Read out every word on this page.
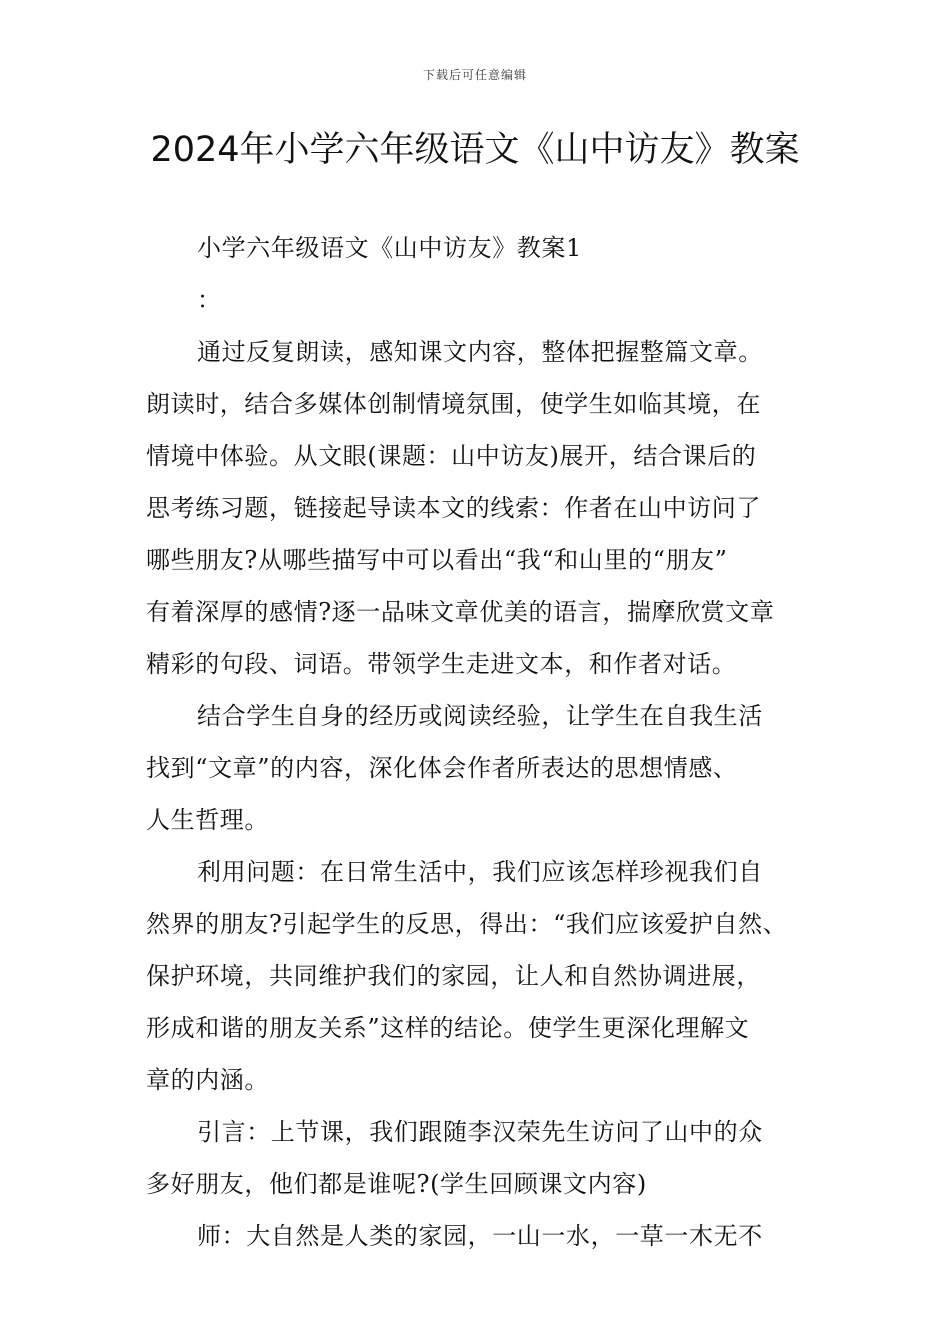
下载后可任意编辑
2024年小学六年级语文《山中访友》教案
小学六年级语文《山中访友》教案1
：
通过反复朗读，感知课文内容，整体把握整篇文章。
朗读时，结合多媒体创制情境氛围，使学生如临其境，在
情境中体验。从文眼(课题：山中访友)展开，结合课后的
思考练习题，链接起导读本文的线索：作者在山中访问了
哪些朋友?从哪些描写中可以看出“我“和山里的“朋友”
有着深厚的感情?逐一品味文章优美的语言，揣摩欣赏文章
精彩的句段、词语。带领学生走进文本，和作者对话。
结合学生自身的经历或阅读经验，让学生在自我生活
找到“文章”的内容，深化体会作者所表达的思想情感、
人生哲理。
利用问题：在日常生活中，我们应该怎样珍视我们自
然界的朋友?引起学生的反思，得出：“我们应该爱护自然、
保护环境，共同维护我们的家园，让人和自然协调进展，
形成和谐的朋友关系”这样的结论。使学生更深化理解文
章的内涵。
引言：上节课，我们跟随李汉荣先生访问了山中的众
多好朋友，他们都是谁呢?(学生回顾课文内容)
师：大自然是人类的家园，一山一水，一草一木无不
